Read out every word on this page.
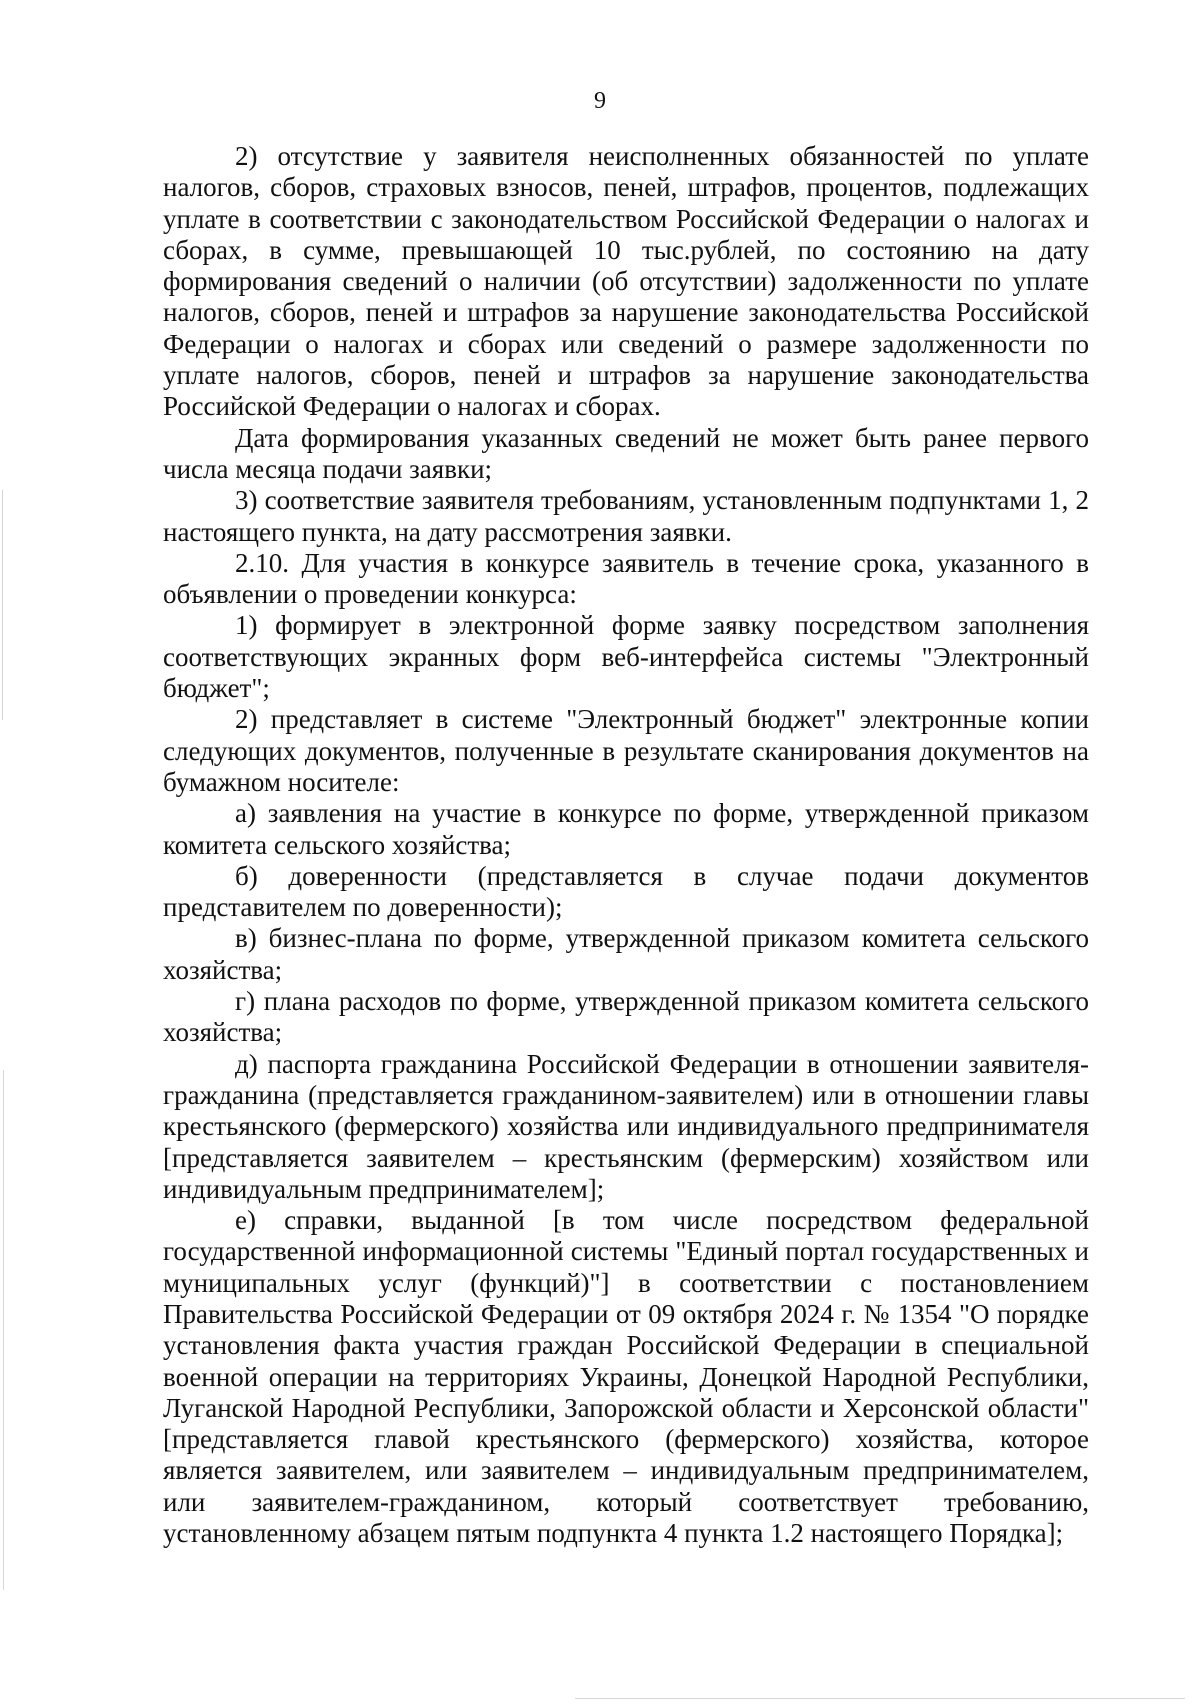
9

2) отсутствие у заявителя неисполненных обязанностей по уплате налогов, сборов, страховых взносов, пеней, штрафов, процентов, подлежащих уплате в соответствии с законодательством Российской Федерации о налогах и сборах, в сумме, превышающей 10 тыс.рублей, по состоянию на дату формирования сведений о наличии (об отсутствии) задолженности по уплате налогов, сборов, пеней и штрафов за нарушение законодательства Российской Федерации о налогах и сборах или сведений о размере задолженности по уплате налогов, сборов, пеней и штрафов за нарушение законодательства Российской Федерации о налогах и сборах.

Дата формирования указанных сведений не может быть ранее первого числа месяца подачи заявки;

3) соответствие заявителя требованиям, установленным подпунктами 1, 2 настоящего пункта, на дату рассмотрения заявки.

2.10. Для участия в конкурсе заявитель в течение срока, указанного в объявлении о проведении конкурса:

1) формирует в электронной форме заявку посредством заполнения соответствующих экранных форм веб-интерфейса системы "Электронный бюджет";

2) представляет в системе "Электронный бюджет" электронные копии следующих документов, полученные в результате сканирования документов на бумажном носителе:

а) заявления на участие в конкурсе по форме, утвержденной приказом комитета сельского хозяйства;

б) доверенности (представляется в случае подачи документов представителем по доверенности);

в) бизнес-плана по форме, утвержденной приказом комитета сельского хозяйства;

г) плана расходов по форме, утвержденной приказом комитета сельского хозяйства;

д) паспорта гражданина Российской Федерации в отношении заявителя-гражданина (представляется гражданином-заявителем) или в отношении главы крестьянского (фермерского) хозяйства или индивидуального предпринимателя [представляется заявителем – крестьянским (фермерским) хозяйством или индивидуальным предпринимателем];

е) справки, выданной [в том числе посредством федеральной государственной информационной системы "Единый портал государственных и муниципальных услуг (функций)"] в соответствии с постановлением Правительства Российской Федерации от 09 октября 2024 г. № 1354 "О порядке установления факта участия граждан Российской Федерации в специальной военной операции на территориях Украины, Донецкой Народной Республики, Луганской Народной Республики, Запорожской области и Херсонской области" [представляется главой крестьянского (фермерского) хозяйства, которое является заявителем, или заявителем – индивидуальным предпринимателем, или заявителем-гражданином, который соответствует требованию, установленному абзацем пятым подпункта 4 пункта 1.2 настоящего Порядка];
